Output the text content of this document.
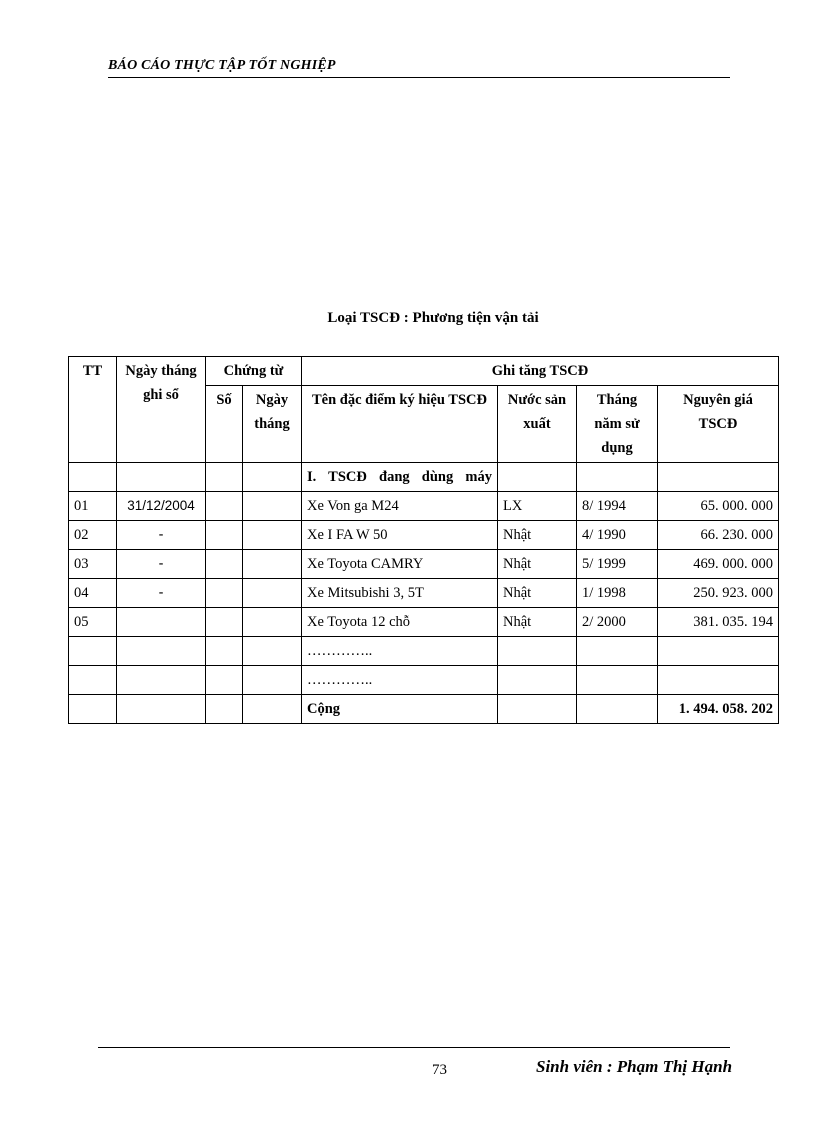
BÁO CÁO THỰC TẬP TỐT NGHIỆP
Loại TSCĐ : Phương tiện vận tải
TT	Ngày tháng ghi sổ	Chứng từ		Ghi tăng TSCĐ			
		Số	Ngày tháng	Tên đặc điểm ký hiệu TSCĐ	Nước sản xuất	Tháng năm sử dụng	Nguyên giá TSCĐ
				I. TSCĐ đang dùng máy			
01	31/12/2004			Xe Von ga M24	LX	8/ 1994	65. 000. 000
02	-			Xe I FA W 50	Nhật	4/ 1990	66. 230. 000
03	-			Xe Toyota CAMRY	Nhật	5/ 1999	469. 000. 000
04	-			Xe Mitsubishi 3, 5T	Nhật	1/ 1998	250. 923. 000
05				Xe Toyota 12 chỗ	Nhật	2/ 2000	381. 035. 194
				…………..			
				…………..			
				Cộng			1. 494. 058. 202
73	Sinh viên : Phạm Thị Hạnh
